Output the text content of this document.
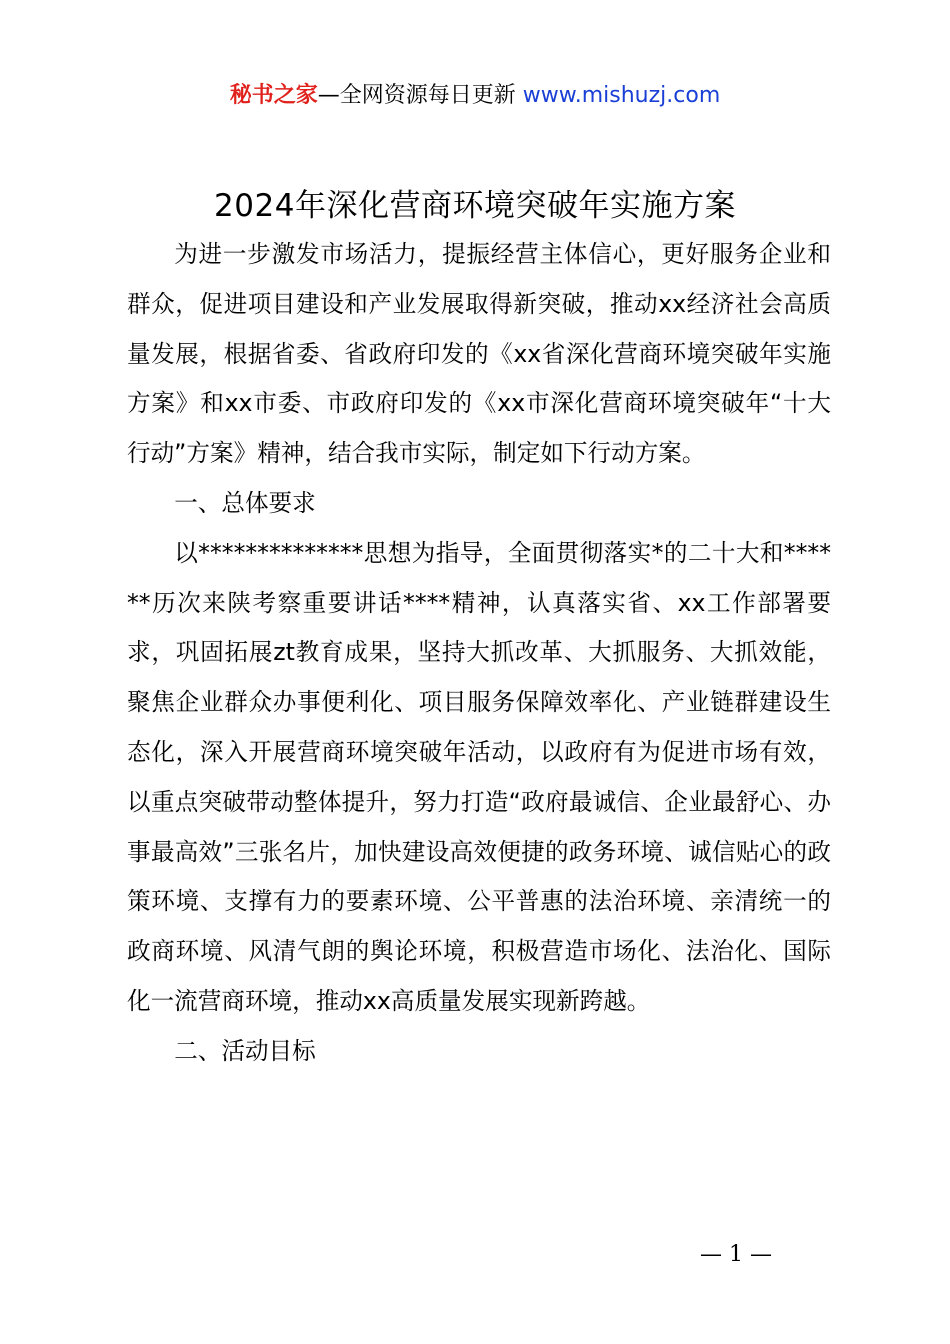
秘书之家—全网资源每日更新 www.mishuzj.com
2024年深化营商环境突破年实施方案

为进一步激发市场活力，提振经营主体信心，更好服务企业和群众，促进项目建设和产业发展取得新突破，推动xx经济社会高质量发展，根据省委、省政府印发的《xx省深化营商环境突破年实施方案》和xx市委、市政府印发的《xx市深化营商环境突破年“十大行动”方案》精神，结合我市实际，制定如下行动方案。

一、总体要求

以**************思想为指导，全面贯彻落实*的二十大和******历次来陕考察重要讲话****精神，认真落实省、xx工作部署要求，巩固拓展zt教育成果，坚持大抓改革、大抓服务、大抓效能，聚焦企业群众办事便利化、项目服务保障效率化、产业链群建设生态化，深入开展营商环境突破年活动，以政府有为促进市场有效，以重点突破带动整体提升，努力打造“政府最诚信、企业最舒心、办事最高效”三张名片，加快建设高效便捷的政务环境、诚信贴心的政策环境、支撑有力的要素环境、公平普惠的法治环境、亲清统一的政商环境、风清气朗的舆论环境，积极营造市场化、法治化、国际化一流营商环境，推动xx高质量发展实现新跨越。

二、活动目标

— 1 —
